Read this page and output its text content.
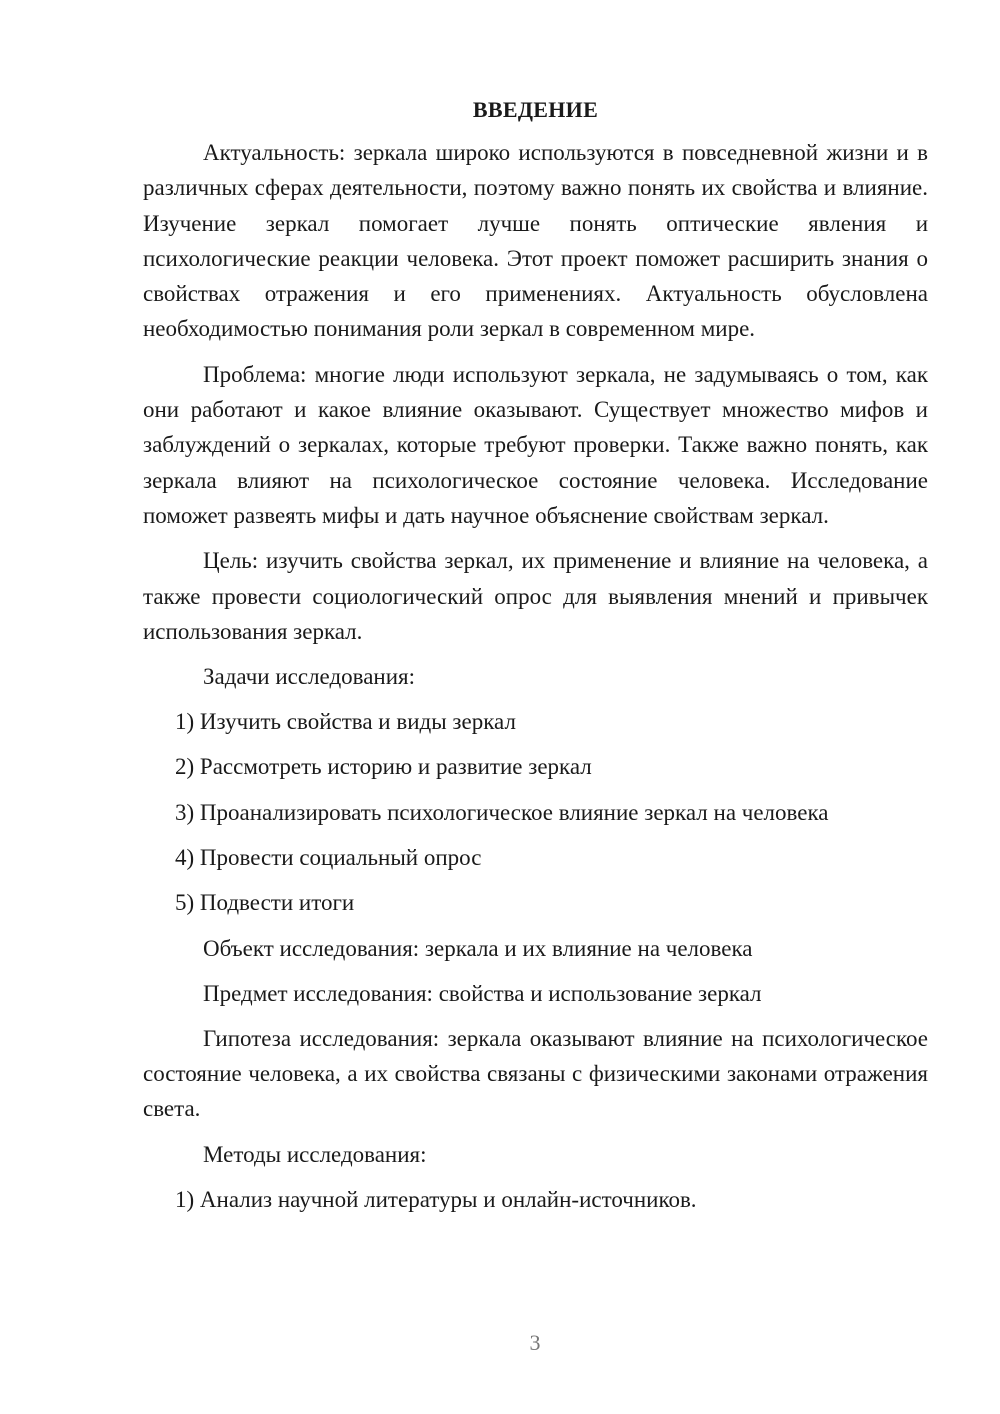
ВВЕДЕНИЕ

Актуальность: зеркала широко используются в повседневной жизни и в различных сферах деятельности, поэтому важно понять их свойства и влияние. Изучение зеркал помогает лучше понять оптические явления и психологические реакции человека. Этот проект поможет расширить знания о свойствах отражения и его применениях. Актуальность обусловлена необходимостью понимания роли зеркал в современном мире.

Проблема: многие люди используют зеркала, не задумываясь о том, как они работают и какое влияние оказывают. Существует множество мифов и заблуждений о зеркалах, которые требуют проверки. Также важно понять, как зеркала влияют на психологическое состояние человека. Исследование поможет развеять мифы и дать научное объяснение свойствам зеркал.

Цель: изучить свойства зеркал, их применение и влияние на человека, а также провести социологический опрос для выявления мнений и привычек использования зеркал.

Задачи исследования:
1) Изучить свойства и виды зеркал
2) Рассмотреть историю и развитие зеркал
3) Проанализировать психологическое влияние зеркал на человека
4) Провести социальный опрос
5) Подвести итоги
Объект исследования: зеркала и их влияние на человека
Предмет исследования: свойства и использование зеркал

Гипотеза исследования: зеркала оказывают влияние на психологическое состояние человека, а их свойства связаны с физическими законами отражения света.

Методы исследования:
1) Анализ научной литературы и онлайн-источников.
3
